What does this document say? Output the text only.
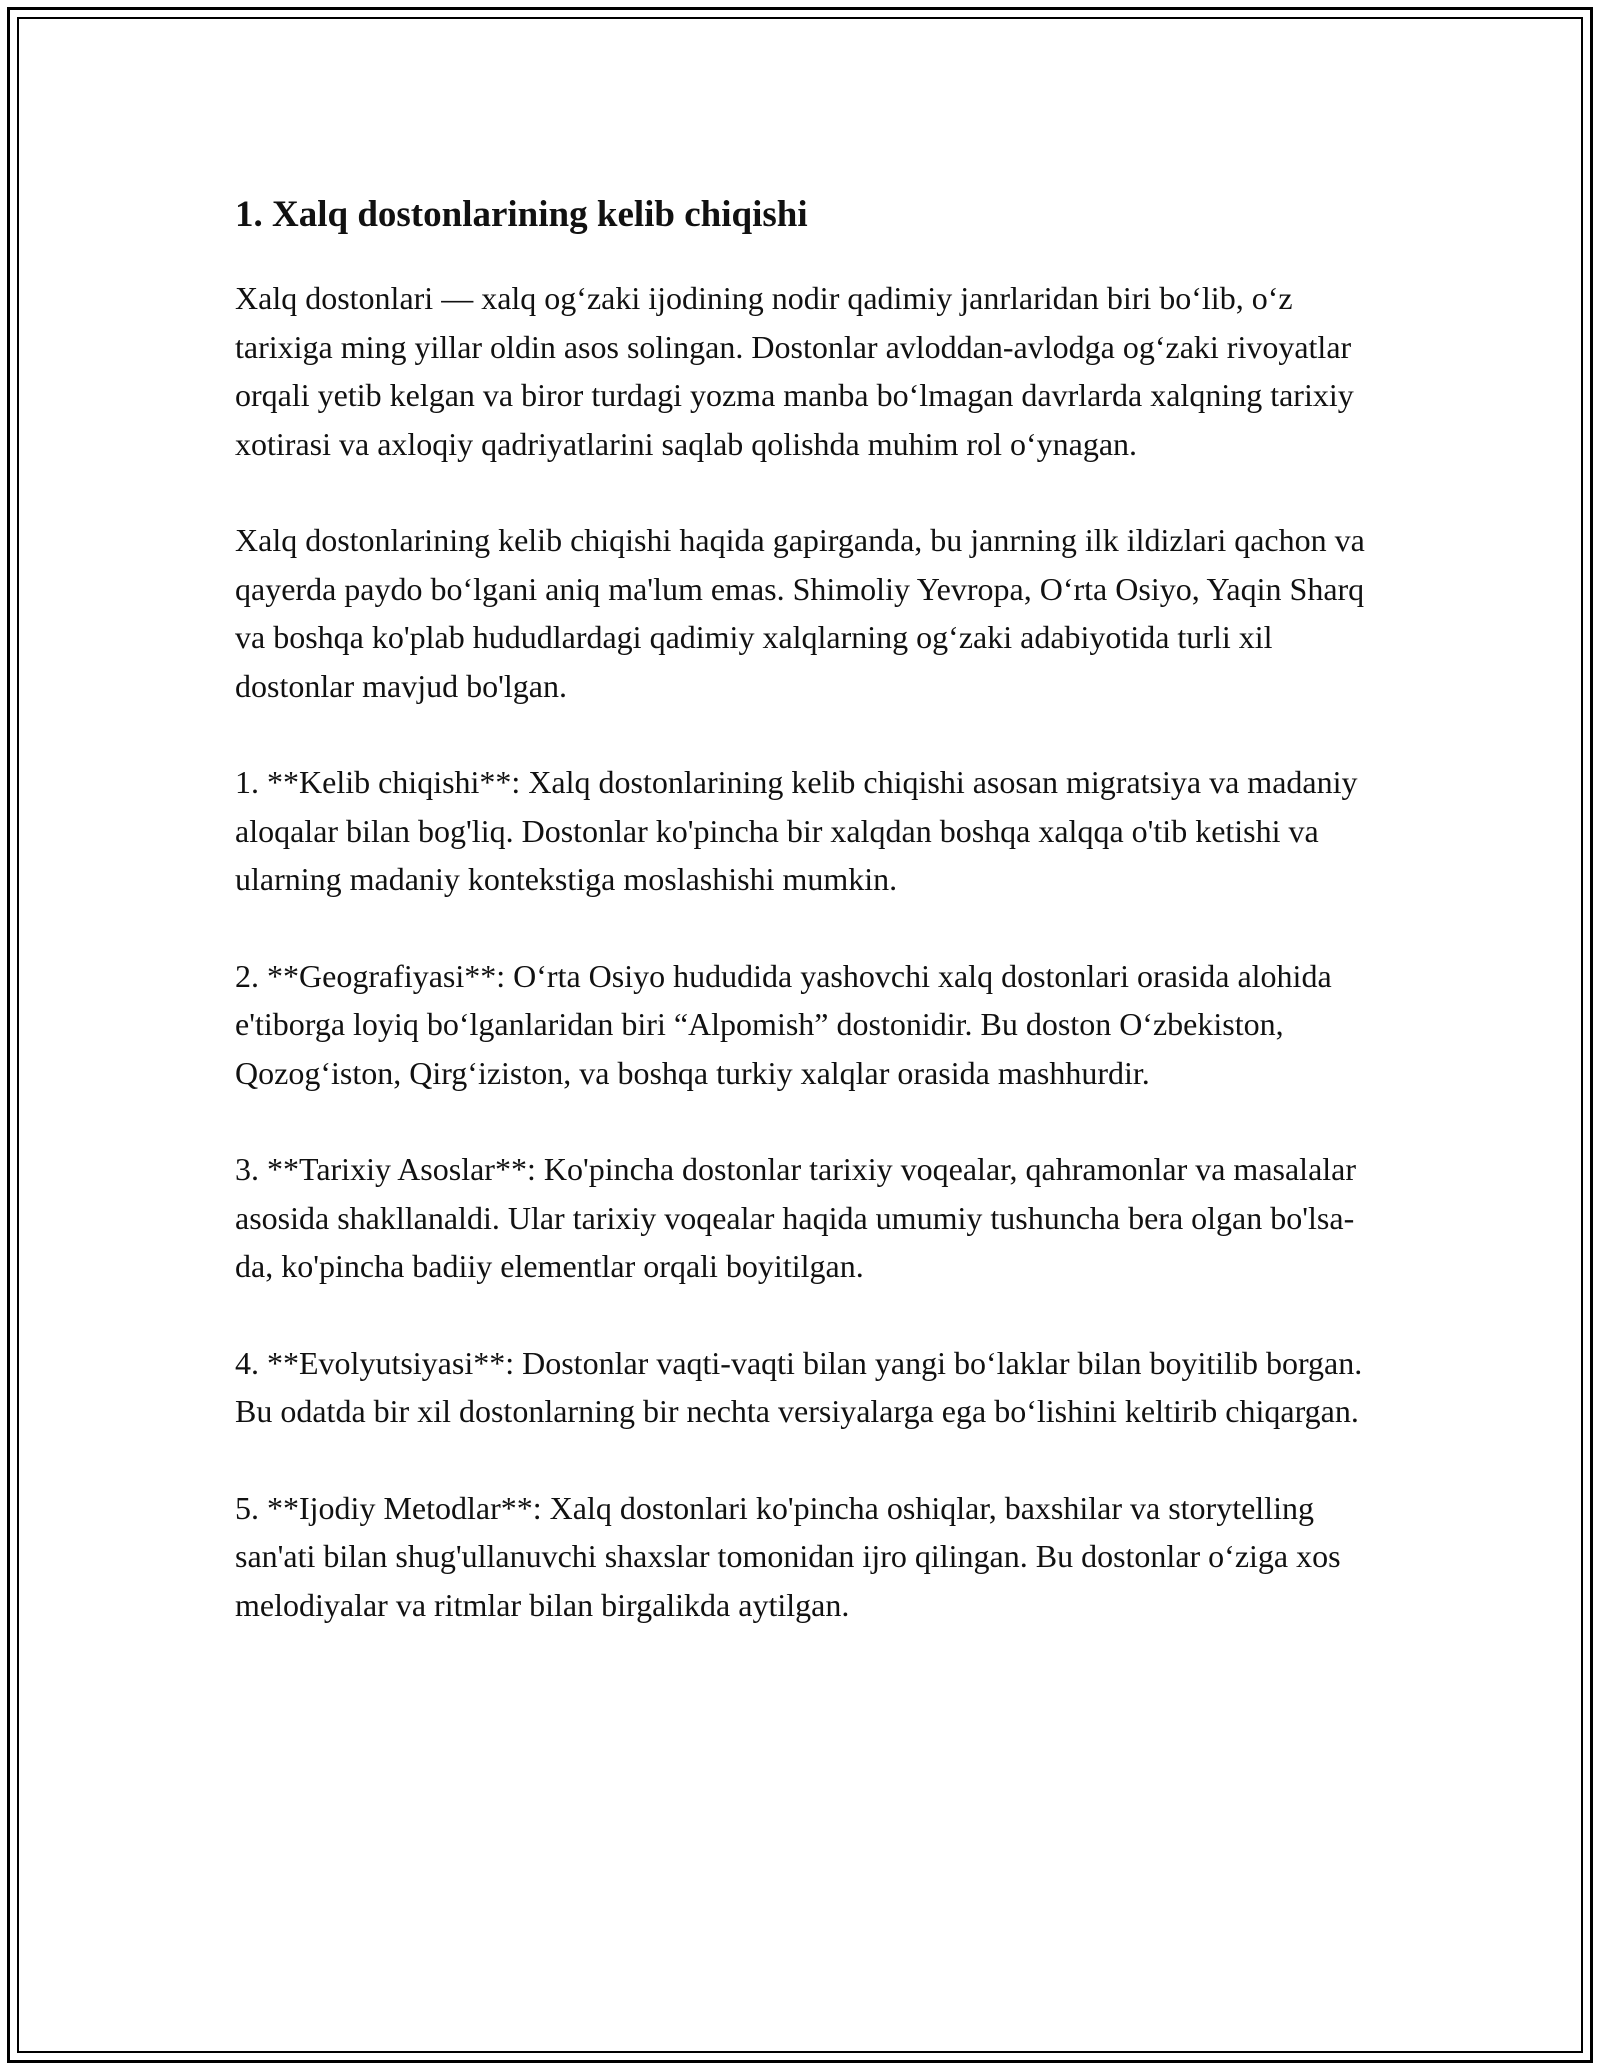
1. Xalq dostonlarining kelib chiqishi

Xalq dostonlari — xalq og‘zaki ijodining nodir qadimiy janrlaridan biri bo‘lib, o‘z tarixiga ming yillar oldin asos solingan. Dostonlar avloddan-avlodga og‘zaki rivoyatlar orqali yetib kelgan va biror turdagi yozma manba bo‘lmagan davrlarda xalqning tarixiy xotirasi va axloqiy qadriyatlarini saqlab qolishda muhim rol o‘ynagan.

Xalq dostonlarining kelib chiqishi haqida gapirganda, bu janrning ilk ildizlari qachon va qayerda paydo bo‘lgani aniq ma'lum emas. Shimoliy Yevropa, O‘rta Osiyo, Yaqin Sharq va boshqa ko'plab hududlardagi qadimiy xalqlarning og‘zaki adabiyotida turli xil dostonlar mavjud bo'lgan.

1. **Kelib chiqishi**: Xalq dostonlarining kelib chiqishi asosan migratsiya va madaniy aloqalar bilan bog'liq. Dostonlar ko'pincha bir xalqdan boshqa xalqqa o'tib ketishi va ularning madaniy kontekstiga moslashishi mumkin.

2. **Geografiyasi**: O‘rta Osiyo hududida yashovchi xalq dostonlari orasida alohida e'tiborga loyiq bo‘lganlaridan biri “Alpomish” dostonidir. Bu doston O‘zbekiston, Qozog‘iston, Qirg‘iziston, va boshqa turkiy xalqlar orasida mashhurdir.

3. **Tarixiy Asoslar**: Ko'pincha dostonlar tarixiy voqealar, qahramonlar va masalalar asosida shakllanaldi. Ular tarixiy voqealar haqida umumiy tushuncha bera olgan bo'lsa-da, ko'pincha badiiy elementlar orqali boyitilgan.

4. **Evolyutsiyasi**: Dostonlar vaqti-vaqti bilan yangi bo‘laklar bilan boyitilib borgan. Bu odatda bir xil dostonlarning bir nechta versiyalarga ega bo‘lishini keltirib chiqargan.

5. **Ijodiy Metodlar**: Xalq dostonlari ko'pincha oshiqlar, baxshilar va storytelling san'ati bilan shug'ullanuvchi shaxslar tomonidan ijro qilingan. Bu dostonlar o‘ziga xos melodiyalar va ritmlar bilan birgalikda aytilgan.
